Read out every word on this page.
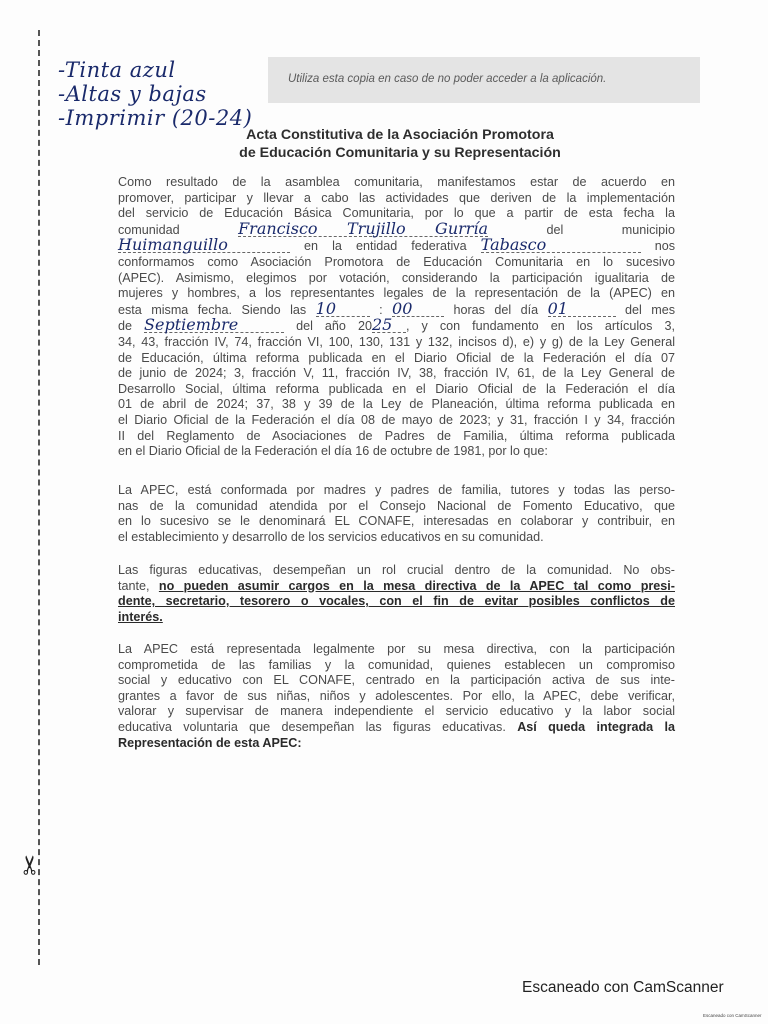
✂
-Tinta azul
-Altas y bajas
-Imprimir (20-24)
Utiliza esta copia en caso de no poder acceder a la aplicación.
Acta Constitutiva de la Asociación Promotora
de Educación Comunitaria y su Representación
Como resultado de la asamblea comunitaria, manifestamos estar de acuerdo en
promover, participar y llevar a cabo las actividades que deriven de la implementación
del servicio de Educación Básica Comunitaria, por lo que a partir de esta fecha la
comunidad	Francisco Trujillo Gurría	del municipio
Huimanguillo	en la entidad federativa Tabasco	nos
conformamos como Asociación Promotora de Educación Comunitaria en lo sucesivo
(APEC). Asimismo, elegimos por votación, considerando la participación igualitaria de
mujeres y hombres, a los representantes legales de la representación de la (APEC) en
esta misma fecha. Siendo las 10	: 00	horas del día 01	del mes
de Septiembre	del año 2025 , y con fundamento en los artículos 3,
34, 43, fracción IV, 74, fracción VI, 100, 130, 131 y 132, incisos d), e) y g) de la Ley General
de Educación, última reforma publicada en el Diario Oficial de la Federación el día 07
de junio de 2024; 3, fracción V, 11, fracción IV, 38, fracción IV, 61, de la Ley General de
Desarrollo Social, última reforma publicada en el Diario Oficial de la Federación el día
01 de abril de 2024; 37, 38 y 39 de la Ley de Planeación, última reforma publicada en
el Diario Oficial de la Federación el día 08 de mayo de 2023; y 31, fracción I y 34, fracción
II del Reglamento de Asociaciones de Padres de Familia, última reforma publicada
en el Diario Oficial de la Federación el día 16 de octubre de 1981, por lo que:
La APEC, está conformada por madres y padres de familia, tutores y todas las perso-
nas de la comunidad atendida por el Consejo Nacional de Fomento Educativo, que
en lo sucesivo se le denominará EL CONAFE, interesadas en colaborar y contribuir, en
el establecimiento y desarrollo de los servicios educativos en su comunidad.
Las figuras educativas, desempeñan un rol crucial dentro de la comunidad. No obs-
tante, no pueden asumir cargos en la mesa directiva de la APEC tal como presi-
dente, secretario, tesorero o vocales, con el fin de evitar posibles conflictos de
interés.
La APEC está representada legalmente por su mesa directiva, con la participación
comprometida de las familias y la comunidad, quienes establecen un compromiso
social y educativo con EL CONAFE, centrado en la participación activa de sus inte-
grantes a favor de sus niñas, niños y adolescentes. Por ello, la APEC, debe verificar,
valorar y supervisar de manera independiente el servicio educativo y la labor social
educativa voluntaria que desempeñan las figuras educativas. Así queda integrada la
Representación de esta APEC:
Escaneado con CamScanner
Escaneado con CamScanner
